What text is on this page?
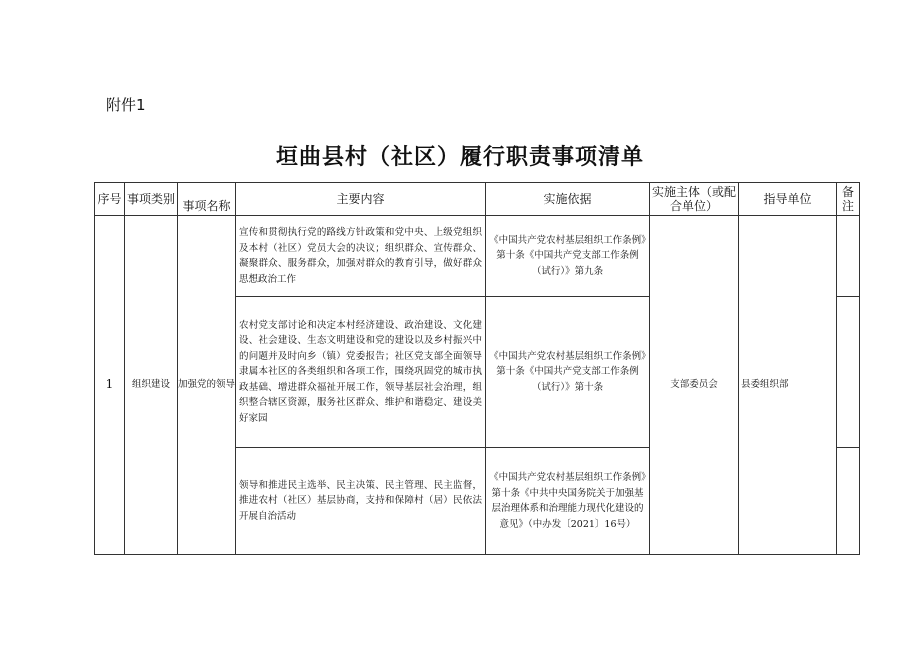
附件1
垣曲县村（社区）履行职责事项清单
序号	事项类别	事项名称	主要内容	实施依据	实施主体（或配合单位）	指导单位	备注
1	组织建设	加强党的领导	宣传和贯彻执行党的路线方针政策和党中央、上级党组织及本村（社区）党员大会的决议；组织群众、宣传群众、凝聚群众、服务群众，加强对群众的教育引导，做好群众思想政治工作	《中国共产党农村基层组织工作条例》第十条《中国共产党支部工作条例（试行）》第九条	支部委员会	县委组织部	
			农村党支部讨论和决定本村经济建设、政治建设、文化建设、社会建设、生态文明建设和党的建设以及乡村振兴中的问题并及时向乡（镇）党委报告；社区党支部全面领导隶属本社区的各类组织和各项工作，围绕巩固党的城市执政基础、增进群众福祉开展工作，领导基层社会治理，组织整合辖区资源，服务社区群众、维护和谐稳定、建设美好家园	《中国共产党农村基层组织工作条例》第十条《中国共产党支部工作条例（试行）》第十条			
			领导和推进民主选举、民主决策、民主管理、民主监督，推进农村（社区）基层协商，支持和保障村（居）民依法开展自治活动	《中国共产党农村基层组织工作条例》第十条《中共中央国务院关于加强基层治理体系和治理能力现代化建设的意见》（中办发〔2021〕16号）			
